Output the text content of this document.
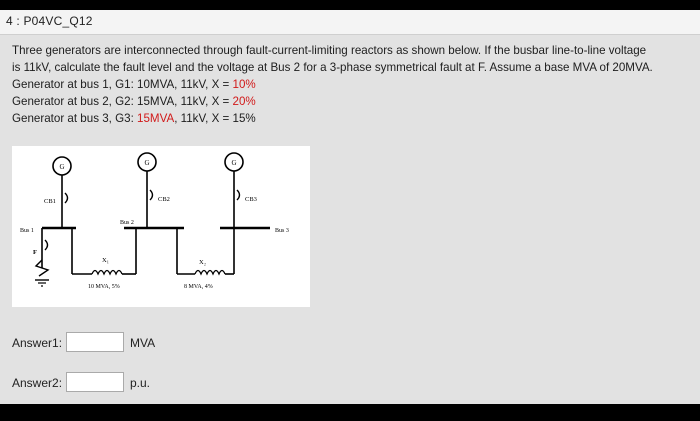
4 : P04VC_Q12
Three generators are interconnected through fault-current-limiting reactors as shown below. If the busbar line-to-line voltage
is 11kV, calculate the fault level and the voltage at Bus 2 for a 3-phase symmetrical fault at F. Assume a base MVA of 20MVA.
Generator at bus 1, G1: 10MVA, 11kV, X = 10%
Generator at bus 2, G2: 15MVA, 11kV, X = 20%
Generator at bus 3, G3: 15MVA, 11kV, X = 15%
G
CB1
G
CB2
G
CB3
Bus 1
Bus 2
Bus 3
F
X₁
10 MVA, 5%
X₂
8 MVA, 4%
Answer1:	MVA
Answer2:	p.u.
